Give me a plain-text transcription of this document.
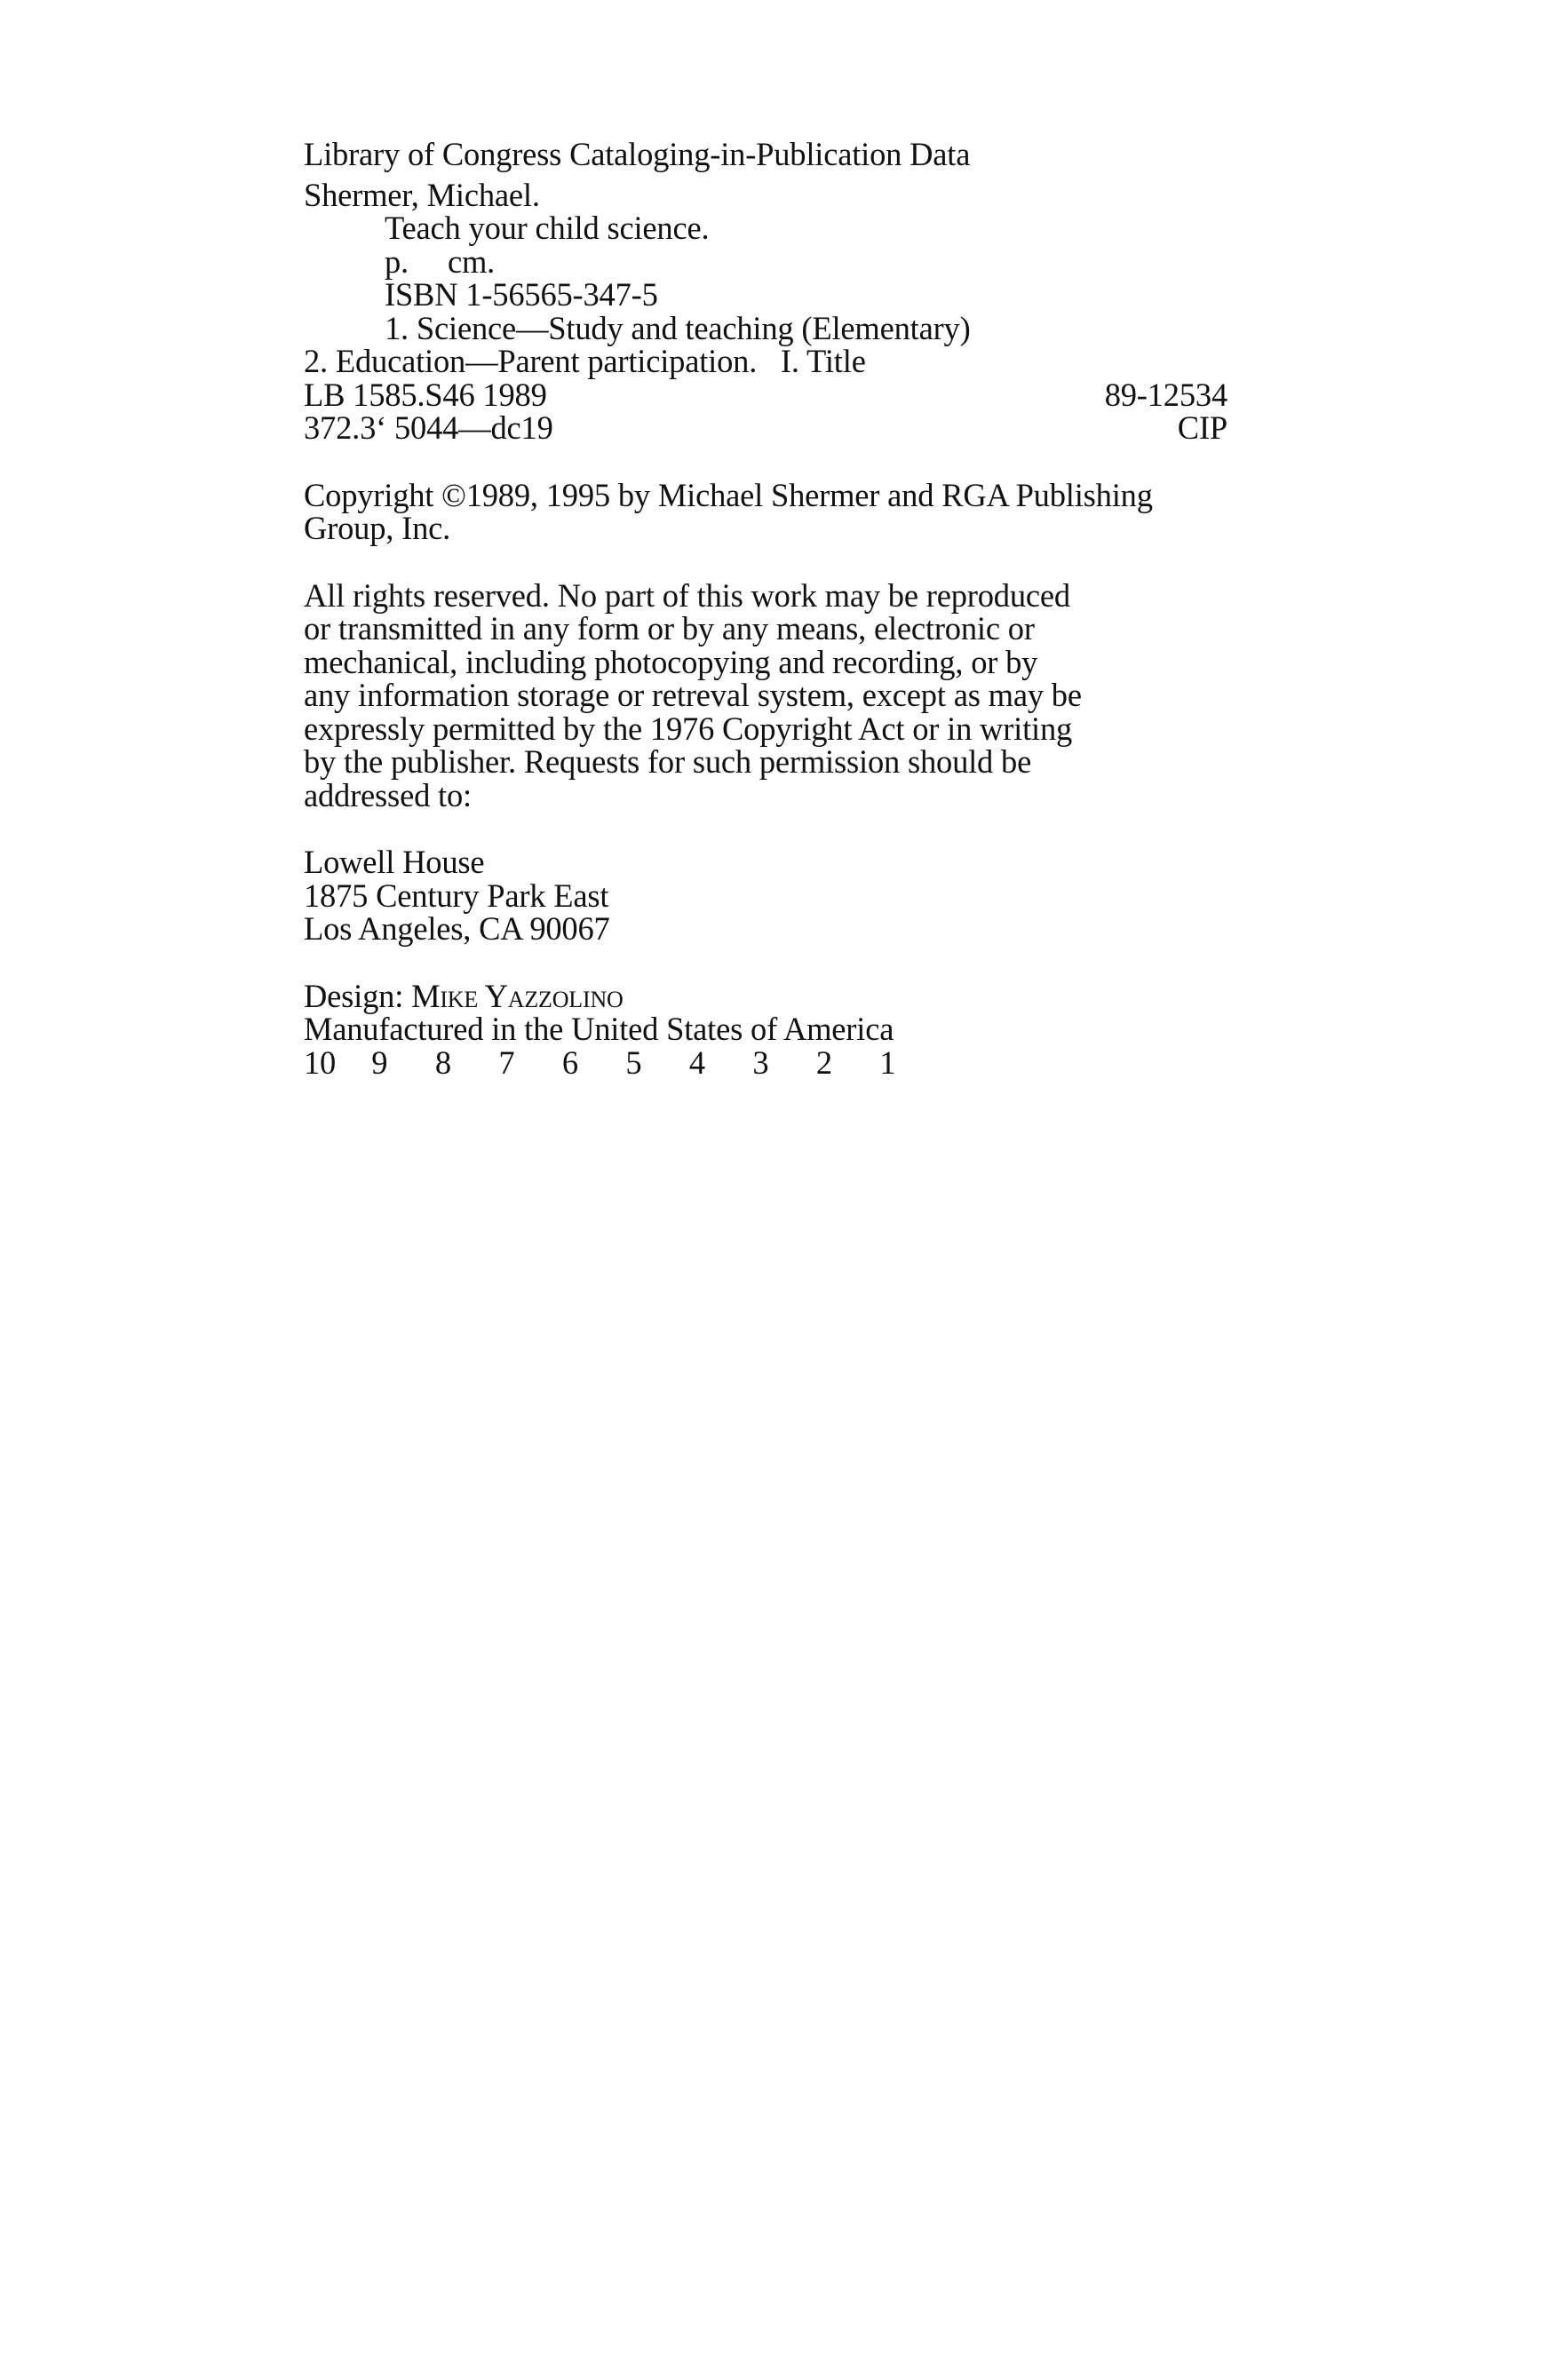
Library of Congress Cataloging-in-Publication Data
Shermer, Michael.
Teach your child science.
p. cm.
ISBN 1-56565-347-5
1. Science—Study and teaching (Elementary)
2. Education—Parent participation.   I. Title
LB 1585.S46 1989	89-12534
372.3‘ 5044—dc19	CIP
Copyright ©1989, 1995 by Michael Shermer and RGA Publishing
Group, Inc.
All rights reserved. No part of this work may be reproduced
or transmitted in any form or by any means, electronic or
mechanical, including photocopying and recording, or by
any information storage or retreval system, except as may be
expressly permitted by the 1976 Copyright Act or in writing
by the publisher. Requests for such permission should be
addressed to:
Lowell House
1875 Century Park East
Los Angeles, CA 90067
Design: Mike Yazzolino
Manufactured in the United States of America
10	9	8	7	6	5	4	3	2	1
